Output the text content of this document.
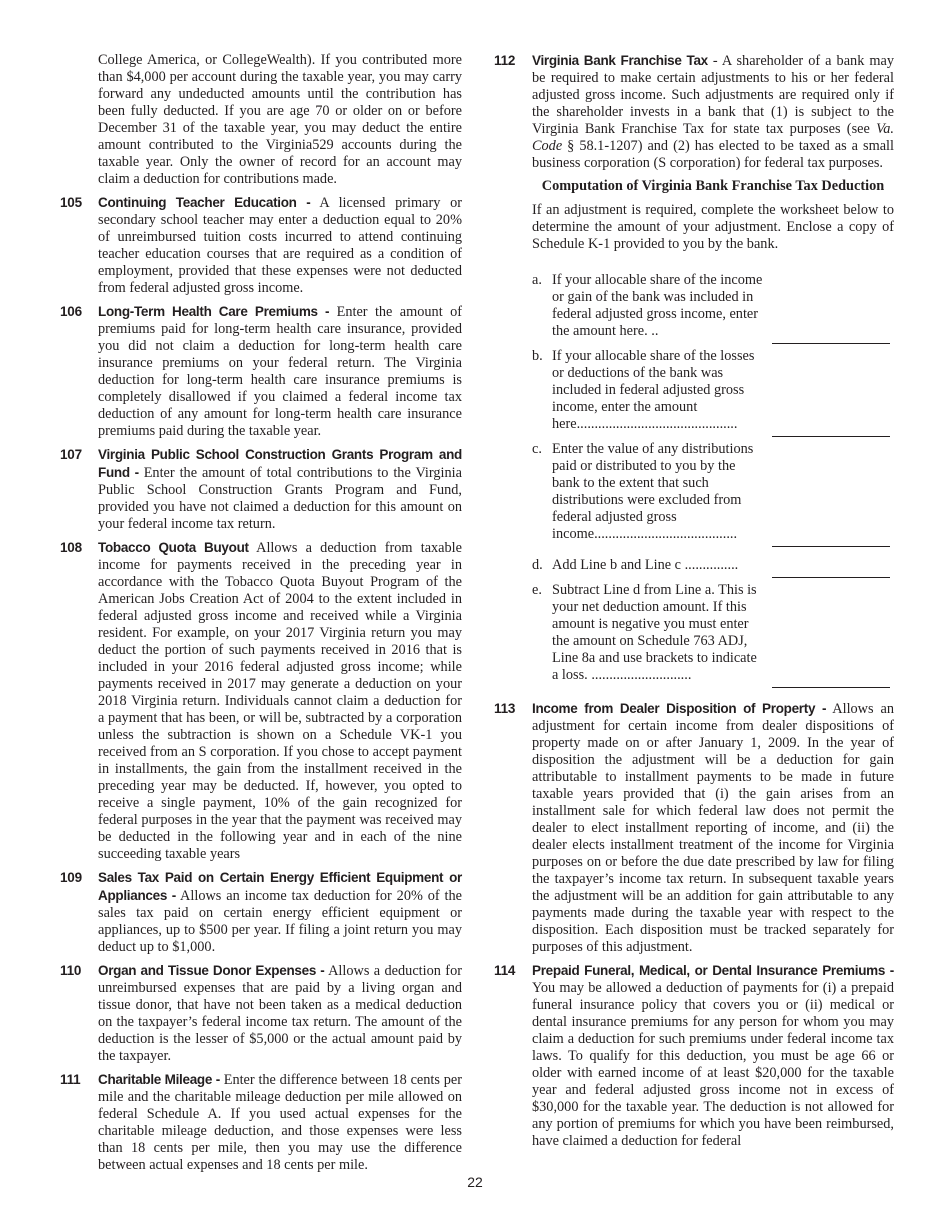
College America, or CollegeWealth). If you contributed more than $4,000 per account during the taxable year, you may carry forward any undeducted amounts until the contribution has been fully deducted. If you are age 70 or older on or before December 31 of the taxable year, you may deduct the entire amount contributed to the Virginia529 accounts during the taxable year. Only the owner of record for an account may claim a deduction for contributions made.

105 Continuing Teacher Education - A licensed primary or secondary school teacher may enter a deduction equal to 20% of unreimbursed tuition costs incurred to attend continuing teacher education courses that are required as a condition of employment, provided that these expenses were not deducted from federal adjusted gross income.

106 Long-Term Health Care Premiums - Enter the amount of premiums paid for long-term health care insurance, provided you did not claim a deduction for long-term health care insurance premiums on your federal return. The Virginia deduction for long-term health care insurance premiums is completely disallowed if you claimed a federal income tax deduction of any amount for long-term health care insurance premiums paid during the taxable year.

107 Virginia Public School Construction Grants Program and Fund - Enter the amount of total contributions to the Virginia Public School Construction Grants Program and Fund, provided you have not claimed a deduction for this amount on your federal income tax return.

108 Tobacco Quota Buyout Allows a deduction from taxable income for payments received in the preceding year in accordance with the Tobacco Quota Buyout Program of the American Jobs Creation Act of 2004 to the extent included in federal adjusted gross income and received while a Virginia resident. For example, on your 2017 Virginia return you may deduct the portion of such payments received in 2016 that is included in your 2016 federal adjusted gross income; while payments received in 2017 may generate a deduction on your 2018 Virginia return. Individuals cannot claim a deduction for a payment that has been, or will be, subtracted by a corporation unless the subtraction is shown on a Schedule VK-1 you received from an S corporation. If you chose to accept payment in installments, the gain from the installment received in the preceding year may be deducted. If, however, you opted to receive a single payment, 10% of the gain recognized for federal purposes in the year that the payment was received may be deducted in the following year and in each of the nine succeeding taxable years

109 Sales Tax Paid on Certain Energy Efficient Equipment or Appliances - Allows an income tax deduction for 20% of the sales tax paid on certain energy efficient equipment or appliances, up to $500 per year. If filing a joint return you may deduct up to $1,000.

110 Organ and Tissue Donor Expenses - Allows a deduction for unreimbursed expenses that are paid by a living organ and tissue donor, that have not been taken as a medical deduction on the taxpayer’s federal income tax return. The amount of the deduction is the lesser of $5,000 or the actual amount paid by the taxpayer.

111 Charitable Mileage - Enter the difference between 18 cents per mile and the charitable mileage deduction per mile allowed on federal Schedule A. If you used actual expenses for the charitable mileage deduction, and those expenses were less than 18 cents per mile, then you may use the difference between actual expenses and 18 cents per mile.

112 Virginia Bank Franchise Tax - A shareholder of a bank may be required to make certain adjustments to his or her federal adjusted gross income. Such adjustments are required only if the shareholder invests in a bank that (1) is subject to the Virginia Bank Franchise Tax for state tax purposes (see Va. Code § 58.1-1207) and (2) has elected to be taxed as a small business corporation (S corporation) for federal tax purposes.

Computation of Virginia Bank Franchise Tax Deduction

If an adjustment is required, complete the worksheet below to determine the amount of your adjustment. Enclose a copy of Schedule K-1 provided to you by the bank.

a. If your allocable share of the income or gain of the bank was included in federal adjusted gross income, enter the amount here. ..
b. If your allocable share of the losses or deductions of the bank was included in federal adjusted gross income, enter the amount here.............................................
c. Enter the value of any distributions paid or distributed to you by the bank to the extent that such distributions were excluded from federal adjusted gross income........................................
d. Add Line b and Line c ...............
e. Subtract Line d from Line a. This is your net deduction amount. If this amount is negative you must enter the amount on Schedule 763 ADJ, Line 8a and use brackets to indicate a loss. ............................

113 Income from Dealer Disposition of Property - Allows an adjustment for certain income from dealer dispositions of property made on or after January 1, 2009. In the year of disposition the adjustment will be a deduction for gain attributable to installment payments to be made in future taxable years provided that (i) the gain arises from an installment sale for which federal law does not permit the dealer to elect installment reporting of income, and (ii) the dealer elects installment treatment of the income for Virginia purposes on or before the due date prescribed by law for filing the taxpayer’s income tax return. In subsequent taxable years the adjustment will be an addition for gain attributable to any payments made during the taxable year with respect to the disposition. Each disposition must be tracked separately for purposes of this adjustment.

114 Prepaid Funeral, Medical, or Dental Insurance Premiums - You may be allowed a deduction of payments for (i) a prepaid funeral insurance policy that covers you or (ii) medical or dental insurance premiums for any person for whom you may claim a deduction for such premiums under federal income tax laws. To qualify for this deduction, you must be age 66 or older with earned income of at least $20,000 for the taxable year and federal adjusted gross income not in excess of $30,000 for the taxable year. The deduction is not allowed for any portion of premiums for which you have been reimbursed, have claimed a deduction for federal

22
